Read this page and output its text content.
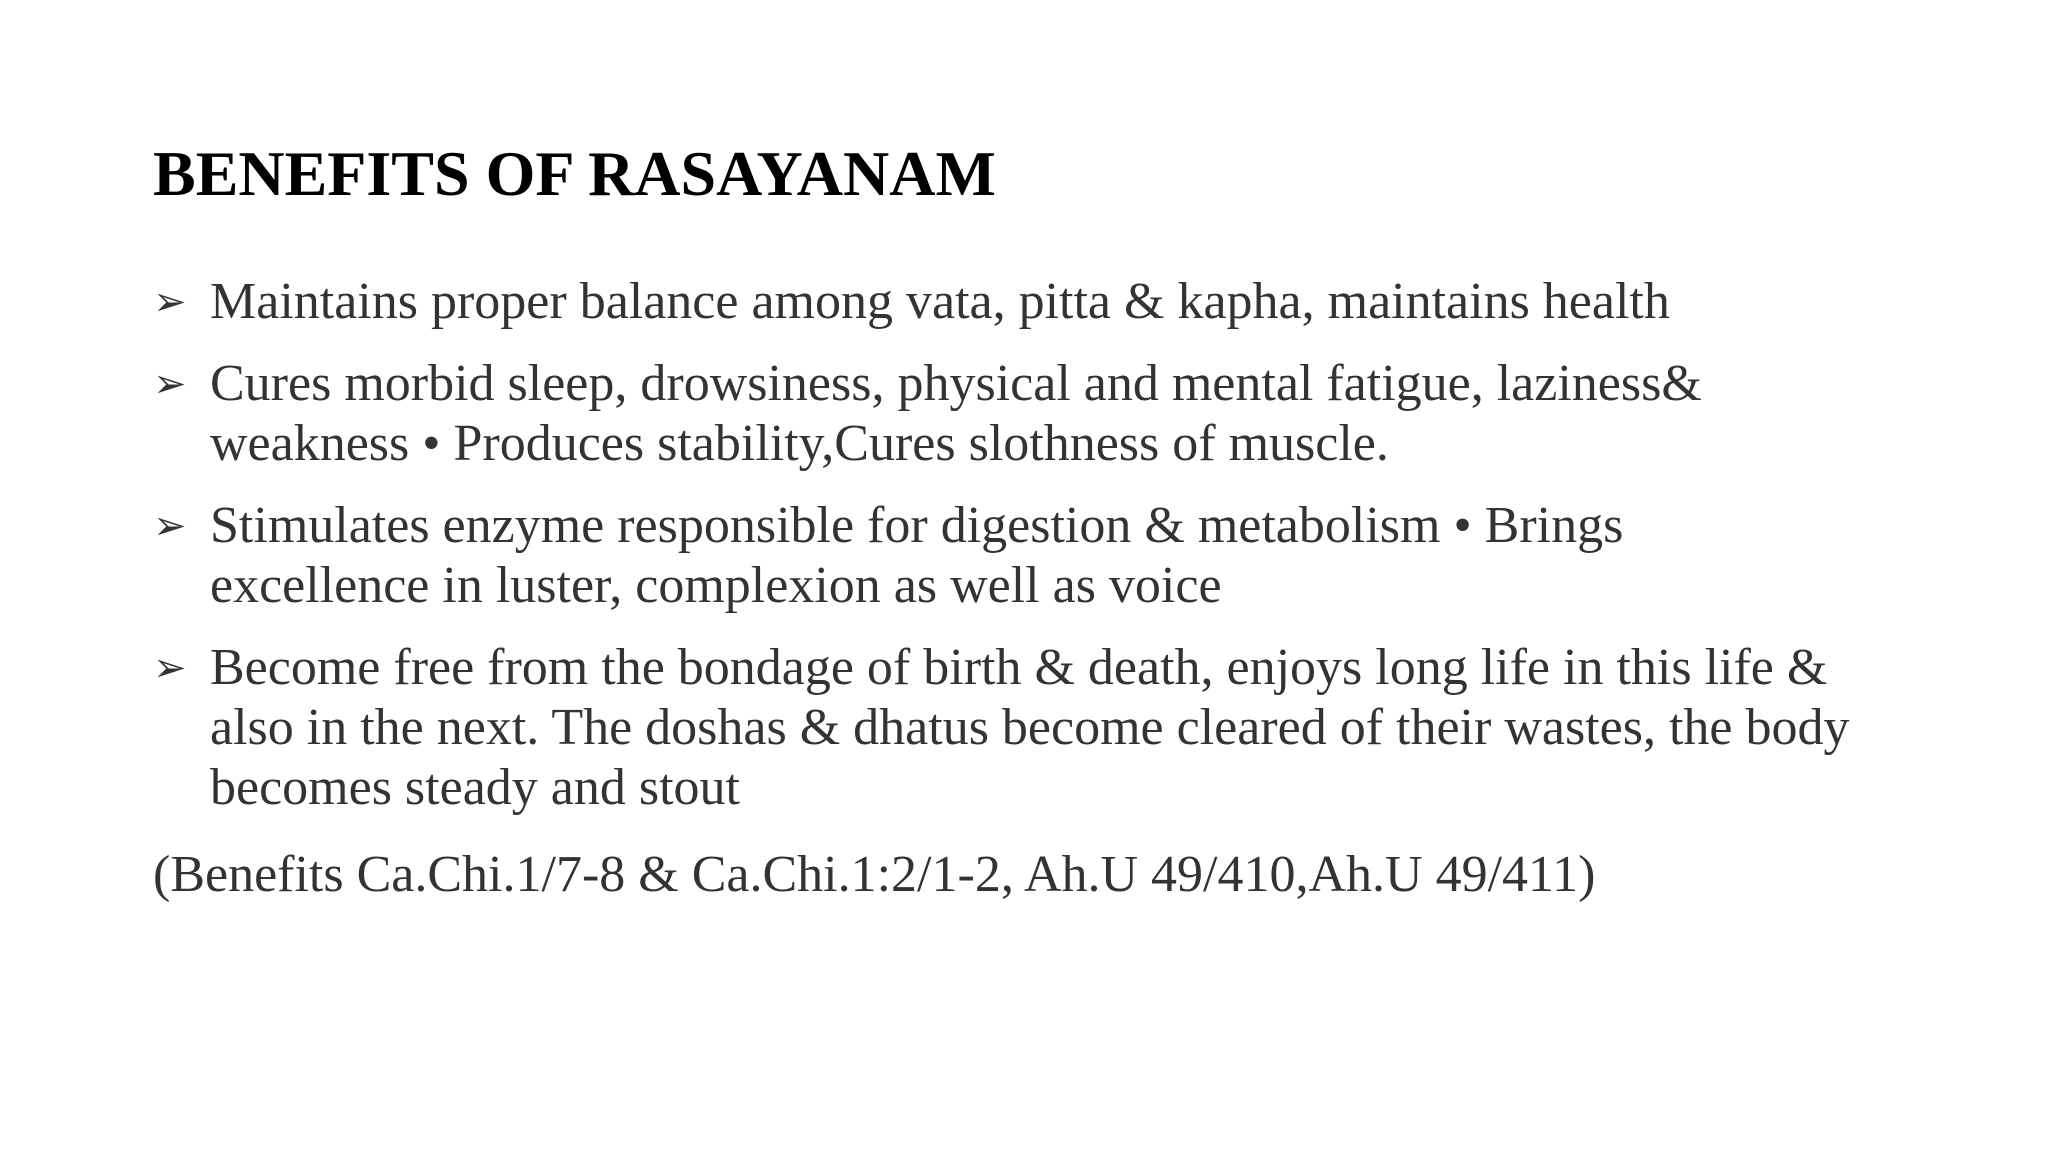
BENEFITS OF RASAYANAM
➢ Maintains proper balance among vata, pitta & kapha, maintains health
➢ Cures morbid sleep, drowsiness, physical and mental fatigue, laziness& weakness • Produces stability,Cures slothness of muscle.
➢ Stimulates enzyme responsible for digestion & metabolism • Brings excellence in luster, complexion as well as voice
➢ Become free from the bondage of birth & death, enjoys long life in this life & also in the next. The doshas & dhatus become cleared of their wastes, the body becomes steady and stout

(Benefits Ca.Chi.1/7-8 & Ca.Chi.1:2/1-2, Ah.U 49/410,Ah.U 49/411)
